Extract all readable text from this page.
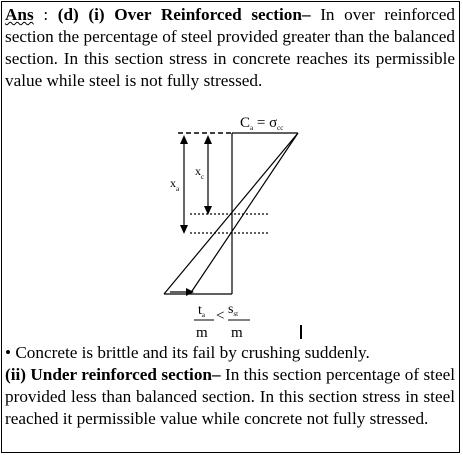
Ans : (d) (i) Over Reinforced section– In over reinforced section the percentage of steel provided greater than the balanced section. In this section stress in concrete reaches its permissible value while steel is not fully stressed.

$C_a = \sigma_{cc}$
$x_a$
$x_c$
$t_a < s_{st}$
m m

• Concrete is brittle and its fail by crushing suddenly.
(ii) Under reinforced section– In this section percentage of steel provided less than balanced section. In this section stress in steel reached it permissible value while concrete not fully stressed.
